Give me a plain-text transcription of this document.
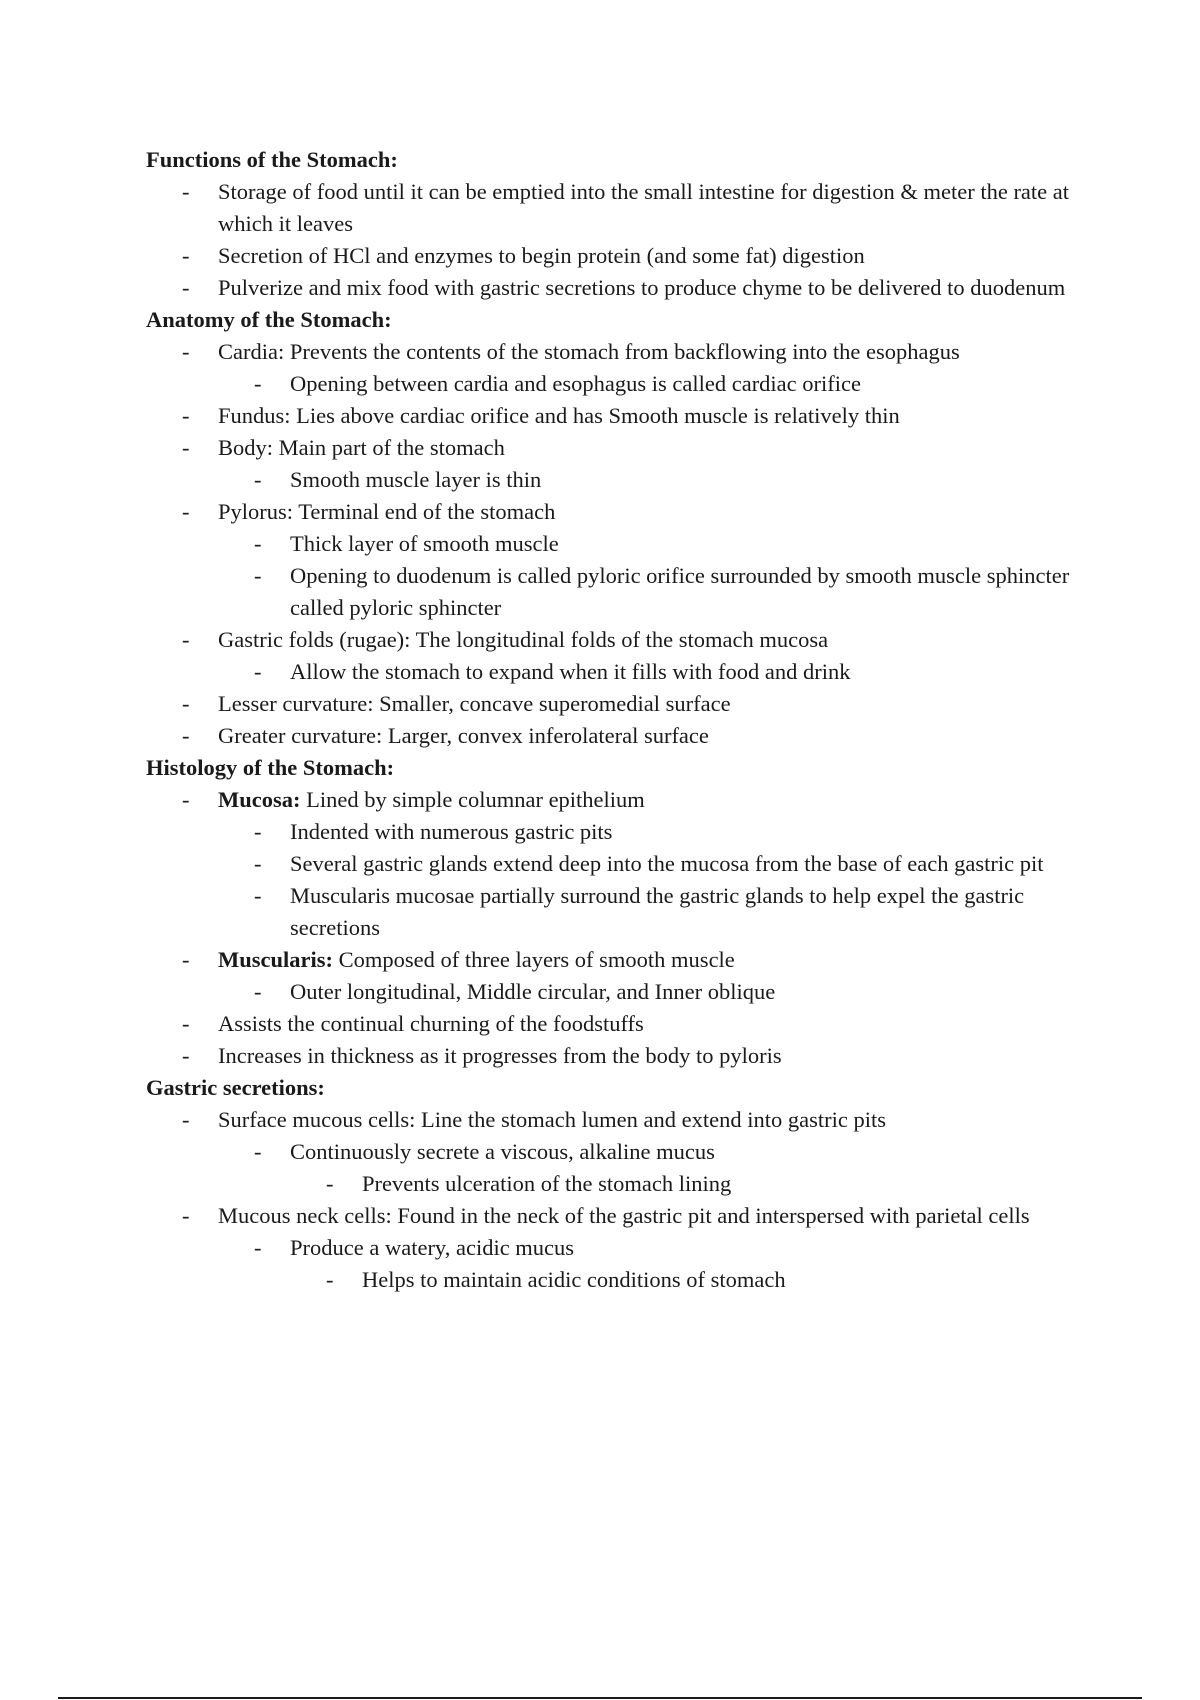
Functions of the Stomach:

- Storage of food until it can be emptied into the small intestine for digestion & meter the rate at which it leaves
- Secretion of HCl and enzymes to begin protein (and some fat) digestion
- Pulverize and mix food with gastric secretions to produce chyme to be delivered to duodenum

Anatomy of the Stomach:

- Cardia: Prevents the contents of the stomach from backflowing into the esophagus
- Opening between cardia and esophagus is called cardiac orifice
- Fundus: Lies above cardiac orifice and has Smooth muscle is relatively thin
- Body: Main part of the stomach
- Smooth muscle layer is thin
- Pylorus: Terminal end of the stomach
- Thick layer of smooth muscle
- Opening to duodenum is called pyloric orifice surrounded by smooth muscle sphincter called pyloric sphincter
- Gastric folds (rugae): The longitudinal folds of the stomach mucosa
- Allow the stomach to expand when it fills with food and drink
- Lesser curvature: Smaller, concave superomedial surface
- Greater curvature: Larger, convex inferolateral surface

Histology of the Stomach:

- Mucosa: Lined by simple columnar epithelium
- Indented with numerous gastric pits
- Several gastric glands extend deep into the mucosa from the base of each gastric pit
- Muscularis mucosae partially surround the gastric glands to help expel the gastric secretions
- Muscularis: Composed of three layers of smooth muscle
- Outer longitudinal, Middle circular, and Inner oblique
- Assists the continual churning of the foodstuffs
- Increases in thickness as it progresses from the body to pyloris

Gastric secretions:

- Surface mucous cells: Line the stomach lumen and extend into gastric pits
- Continuously secrete a viscous, alkaline mucus
- Prevents ulceration of the stomach lining
- Mucous neck cells: Found in the neck of the gastric pit and interspersed with parietal cells
- Produce a watery, acidic mucus
- Helps to maintain acidic conditions of stomach
